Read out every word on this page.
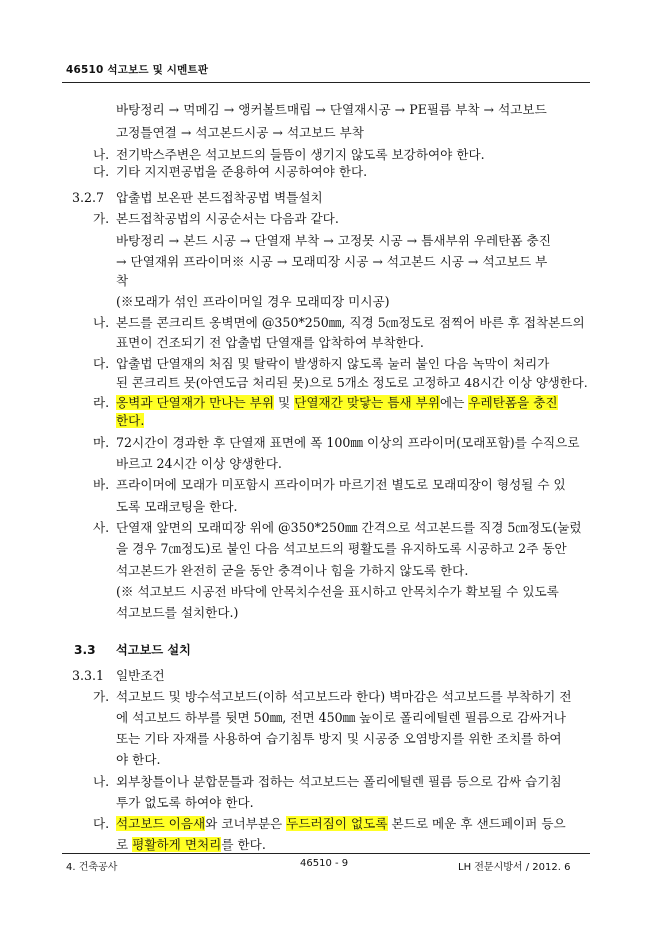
46510 석고보드 및 시멘트판
바탕정리 → 먹메김 → 앵커볼트매립 → 단열재시공 → PE필름 부착 → 석고보드
고정틀연결 → 석고본드시공 → 석고보드 부착
나. 전기박스주변은 석고보드의 들뜸이 생기지 않도록 보강하여야 한다.
다. 기타 지지편공법을 준용하여 시공하여야 한다.
3.2.7 압출법 보온판 본드접착공법 벽틀설치
가. 본드접착공법의 시공순서는 다음과 같다.
바탕정리 → 본드 시공 → 단열재 부착 → 고정못 시공 → 틈새부위 우레탄폼 충진
→ 단열재위 프라이머※ 시공 → 모래띠장 시공 → 석고본드 시공 → 석고보드 부
착
(※모래가 섞인 프라이머일 경우 모래띠장 미시공)
나. 본드를 콘크리트 옹벽면에 @350*250㎜, 직경 5㎝정도로 점찍어 바른 후 접착본드의
표면이 건조되기 전 압출법 단열재를 압착하여 부착한다.
다. 압출법 단열재의 처짐 및 탈락이 발생하지 않도록 눌러 붙인 다음 녹막이 처리가
된 콘크리트 못(아연도금 처리된 못)으로 5개소 정도로 고정하고 48시간 이상 양생한다.
라. 옹벽과 단열재가 만나는 부위 및 단열재간 맞닿는 틈새 부위에는 우레탄폼을 충진
한다.
마. 72시간이 경과한 후 단열재 표면에 폭 100㎜ 이상의 프라이머(모래포함)를 수직으로
바르고 24시간 이상 양생한다.
바. 프라이머에 모래가 미포함시 프라이머가 마르기전 별도로 모래띠장이 형성될 수 있
도록 모래코팅을 한다.
사. 단열재 앞면의 모래띠장 위에 @350*250㎜ 간격으로 석고본드를 직경 5㎝정도(눌렀
을 경우 7㎝정도)로 붙인 다음 석고보드의 평활도를 유지하도록 시공하고 2주 동안
석고본드가 완전히 굳을 동안 충격이나 힘을 가하지 않도록 한다.
(※ 석고보드 시공전 바닥에 안목치수선을 표시하고 안목치수가 확보될 수 있도록
석고보드를 설치한다.)
3.3 석고보드 설치
3.3.1 일반조건
가. 석고보드 및 방수석고보드(이하 석고보드라 한다) 벽마감은 석고보드를 부착하기 전
에 석고보드 하부를 뒷면 50㎜, 전면 450㎜ 높이로 폴리에틸렌 필름으로 감싸거나
또는 기타 자재를 사용하여 습기침투 방지 및 시공중 오염방지를 위한 조치를 하여
야 한다.
나. 외부창틀이나 분합문틀과 접하는 석고보드는 폴리에틸렌 필름 등으로 감싸 습기침
투가 없도록 하여야 한다.
다. 석고보드 이음새와 코너부분은 두드러짐이 없도록 본드로 메운 후 샌드페이퍼 등으
로 평활하게 면처리를 한다.
4. 건축공사	46510 - 9	LH 전문시방서 / 2012. 6
